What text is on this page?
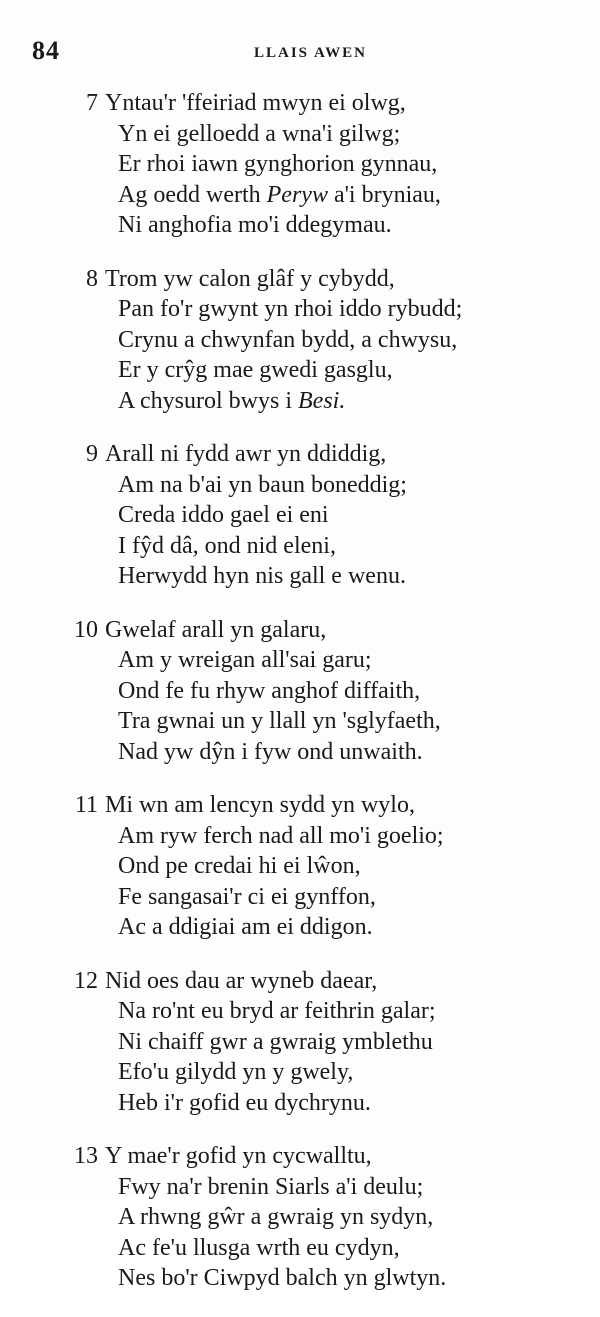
84	LLAIS AWEN
7 Yntau'r 'ffeiriad mwyn ei olwg,
Yn ei gelloedd a wna'i gilwg;
Er rhoi iawn gynghorion gynnau,
Ag oedd werth Peryw a'i bryniau,
Ni anghofia mo'i ddegymau.
8 Trom yw calon glâf y cybydd,
Pan fo'r gwynt yn rhoi iddo rybudd;
Crynu a chwynfan bydd, a chwysu,
Er y crŷg mae gwedi gasglu,
A chysurol bwys i Besi.
9 Arall ni fydd awr yn ddiddig,
Am na b'ai yn baun boneddig;
Creda iddo gael ei eni
I fŷd dâ, ond nid eleni,
Herwydd hyn nis gall e wenu.
10 Gwelaf arall yn galaru,
Am y wreigan all'sai garu;
Ond fe fu rhyw anghof diffaith,
Tra gwnai un y llall yn 'sglyfaeth,
Nad yw dŷn i fyw ond unwaith.
11 Mi wn am lencyn sydd yn wylo,
Am ryw ferch nad all mo'i goelio;
Ond pe credai hi ei lŵon,
Fe sangasai'r ci ei gynffon,
Ac a ddigiai am ei ddigon.
12 Nid oes dau ar wyneb daear,
Na ro'nt eu bryd ar feithrin galar;
Ni chaiff gwr a gwraig ymblethu
Efo'u gilydd yn y gwely,
Heb i'r gofid eu dychrynu.
13 Y mae'r gofid yn cycwalltu,
Fwy na'r brenin Siarls a'i deulu;
A rhwng gŵr a gwraig yn sydyn,
Ac fe'u llusga wrth eu cydyn,
Nes bo'r Ciwpyd balch yn glwtyn.
